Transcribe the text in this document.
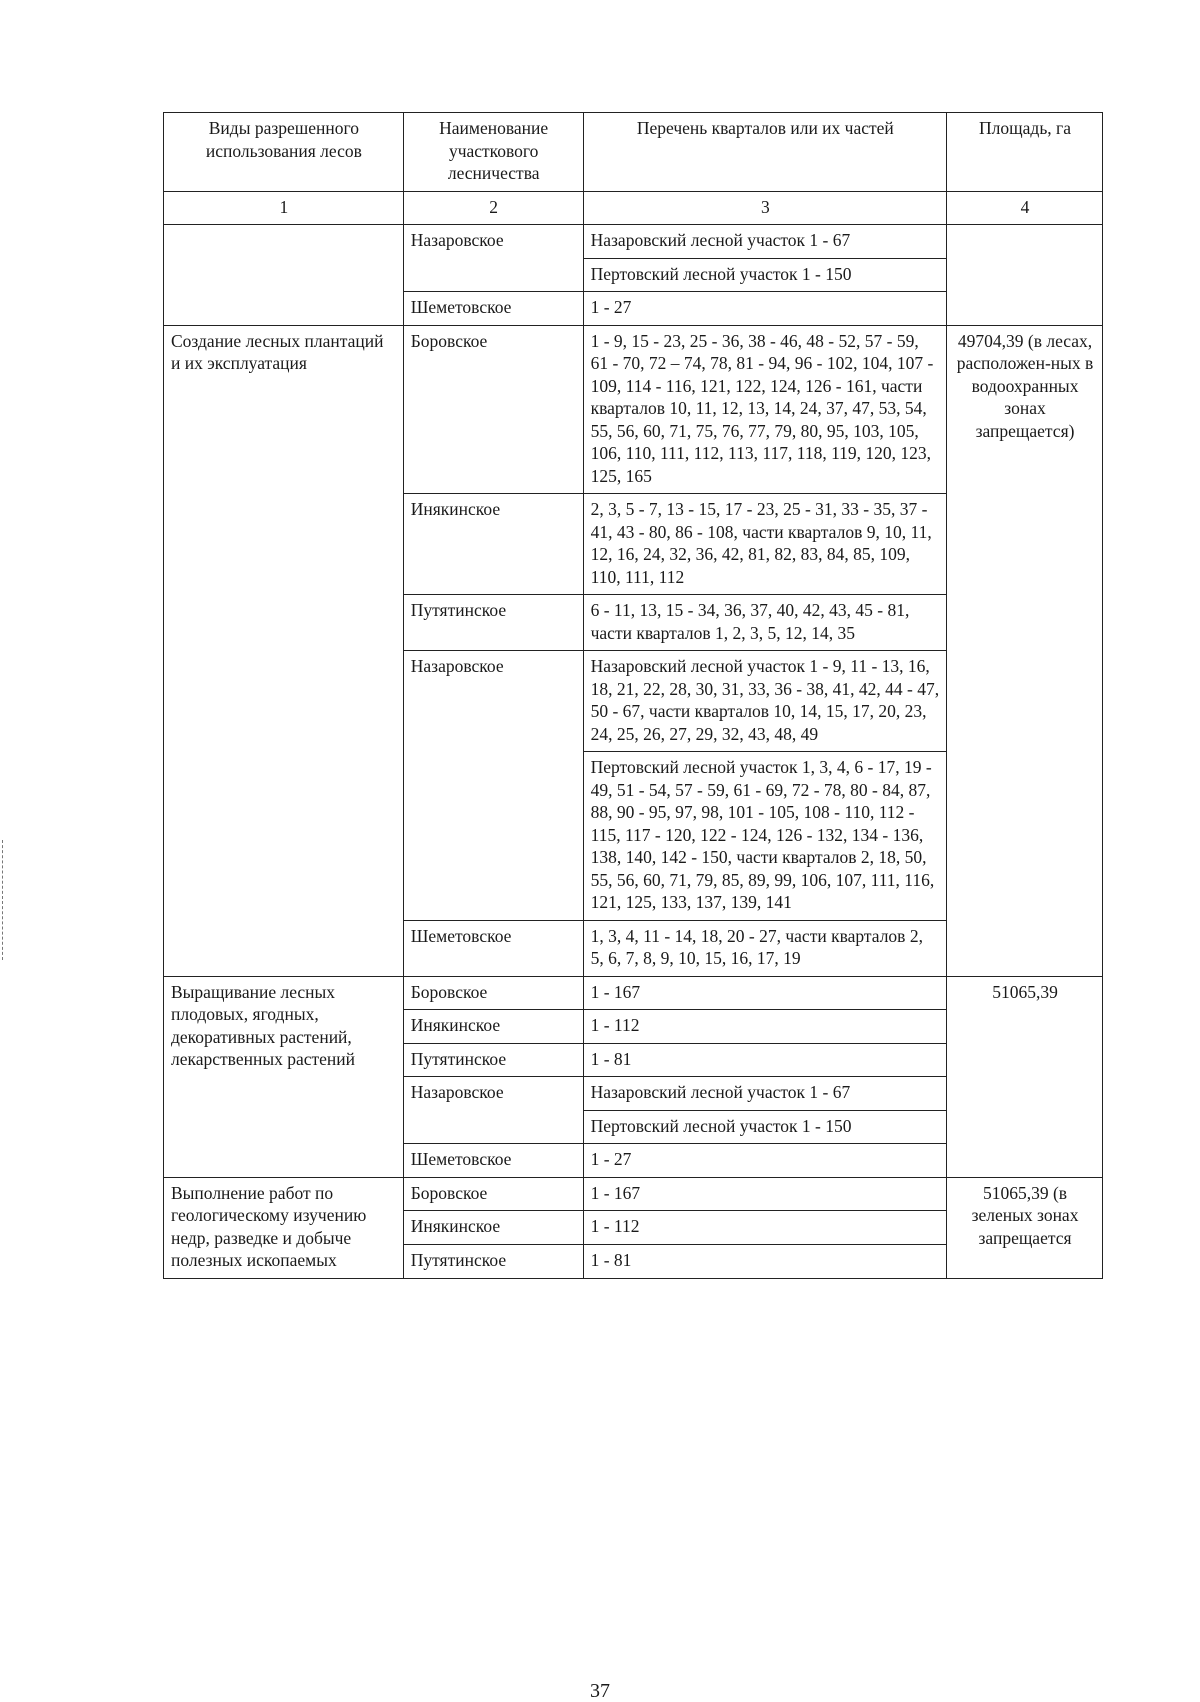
Виды разрешенного использования лесов	Наименование участкового лесничества	Перечень кварталов или их частей	Площадь, га
1	2	3	4
	Назаровское	Назаровский лесной участок 1 - 67	
		Пертовский лесной участок 1 - 150	
	Шеметовское	1 - 27	
Создание лесных плантаций и их эксплуатация	Боровское	1 - 9, 15 - 23, 25 - 36, 38 - 46, 48 - 52, 57 - 59, 61 - 70, 72 – 74, 78, 81 - 94, 96 - 102, 104, 107 - 109, 114 - 116, 121, 122, 124, 126 - 161, части кварталов 10, 11, 12, 13, 14, 24, 37, 47, 53, 54, 55, 56, 60, 71, 75, 76, 77, 79, 80, 95, 103, 105, 106, 110, 111, 112, 113, 117, 118, 119, 120, 123, 125, 165	49704,39 (в лесах, расположен-ных в водоохранных зонах запрещается)
	Инякинское	2, 3, 5 - 7, 13 - 15, 17 - 23, 25 - 31, 33 - 35, 37 - 41, 43 - 80, 86 - 108, части кварталов 9, 10, 11, 12, 16, 24, 32, 36, 42, 81, 82, 83, 84, 85, 109, 110, 111, 112	
	Путятинское	6 - 11, 13, 15 - 34, 36, 37, 40, 42, 43, 45 - 81, части кварталов 1, 2, 3, 5, 12, 14, 35	
	Назаровское	Назаровский лесной участок 1 - 9, 11 - 13, 16, 18, 21, 22, 28, 30, 31, 33, 36 - 38, 41, 42, 44 - 47, 50 - 67, части кварталов 10, 14, 15, 17, 20, 23, 24, 25, 26, 27, 29, 32, 43, 48, 49	
		Пертовский лесной участок 1, 3, 4, 6 - 17, 19 - 49, 51 - 54, 57 - 59, 61 - 69, 72 - 78, 80 - 84, 87, 88, 90 - 95, 97, 98, 101 - 105, 108 - 110, 112 - 115, 117 - 120, 122 - 124, 126 - 132, 134 - 136, 138, 140, 142 - 150, части кварталов 2, 18, 50, 55, 56, 60, 71, 79, 85, 89, 99, 106, 107, 111, 116, 121, 125, 133, 137, 139, 141	
	Шеметовское	1, 3, 4, 11 - 14, 18, 20 - 27, части кварталов 2, 5, 6, 7, 8, 9, 10, 15, 16, 17, 19	
Выращивание лесных плодовых, ягодных, декоративных растений, лекарственных растений	Боровское	1 - 167	51065,39
	Инякинское	1 - 112	
	Путятинское	1 - 81	
	Назаровское	Назаровский лесной участок 1 - 67	
		Пертовский лесной участок 1 - 150	
	Шеметовское	1 - 27	
Выполнение работ по геологическому изучению недр, разведке и добыче полезных ископаемых	Боровское	1 - 167	51065,39 (в зеленых зонах запрещается
	Инякинское	1 - 112	
	Путятинское	1 - 81	
37
